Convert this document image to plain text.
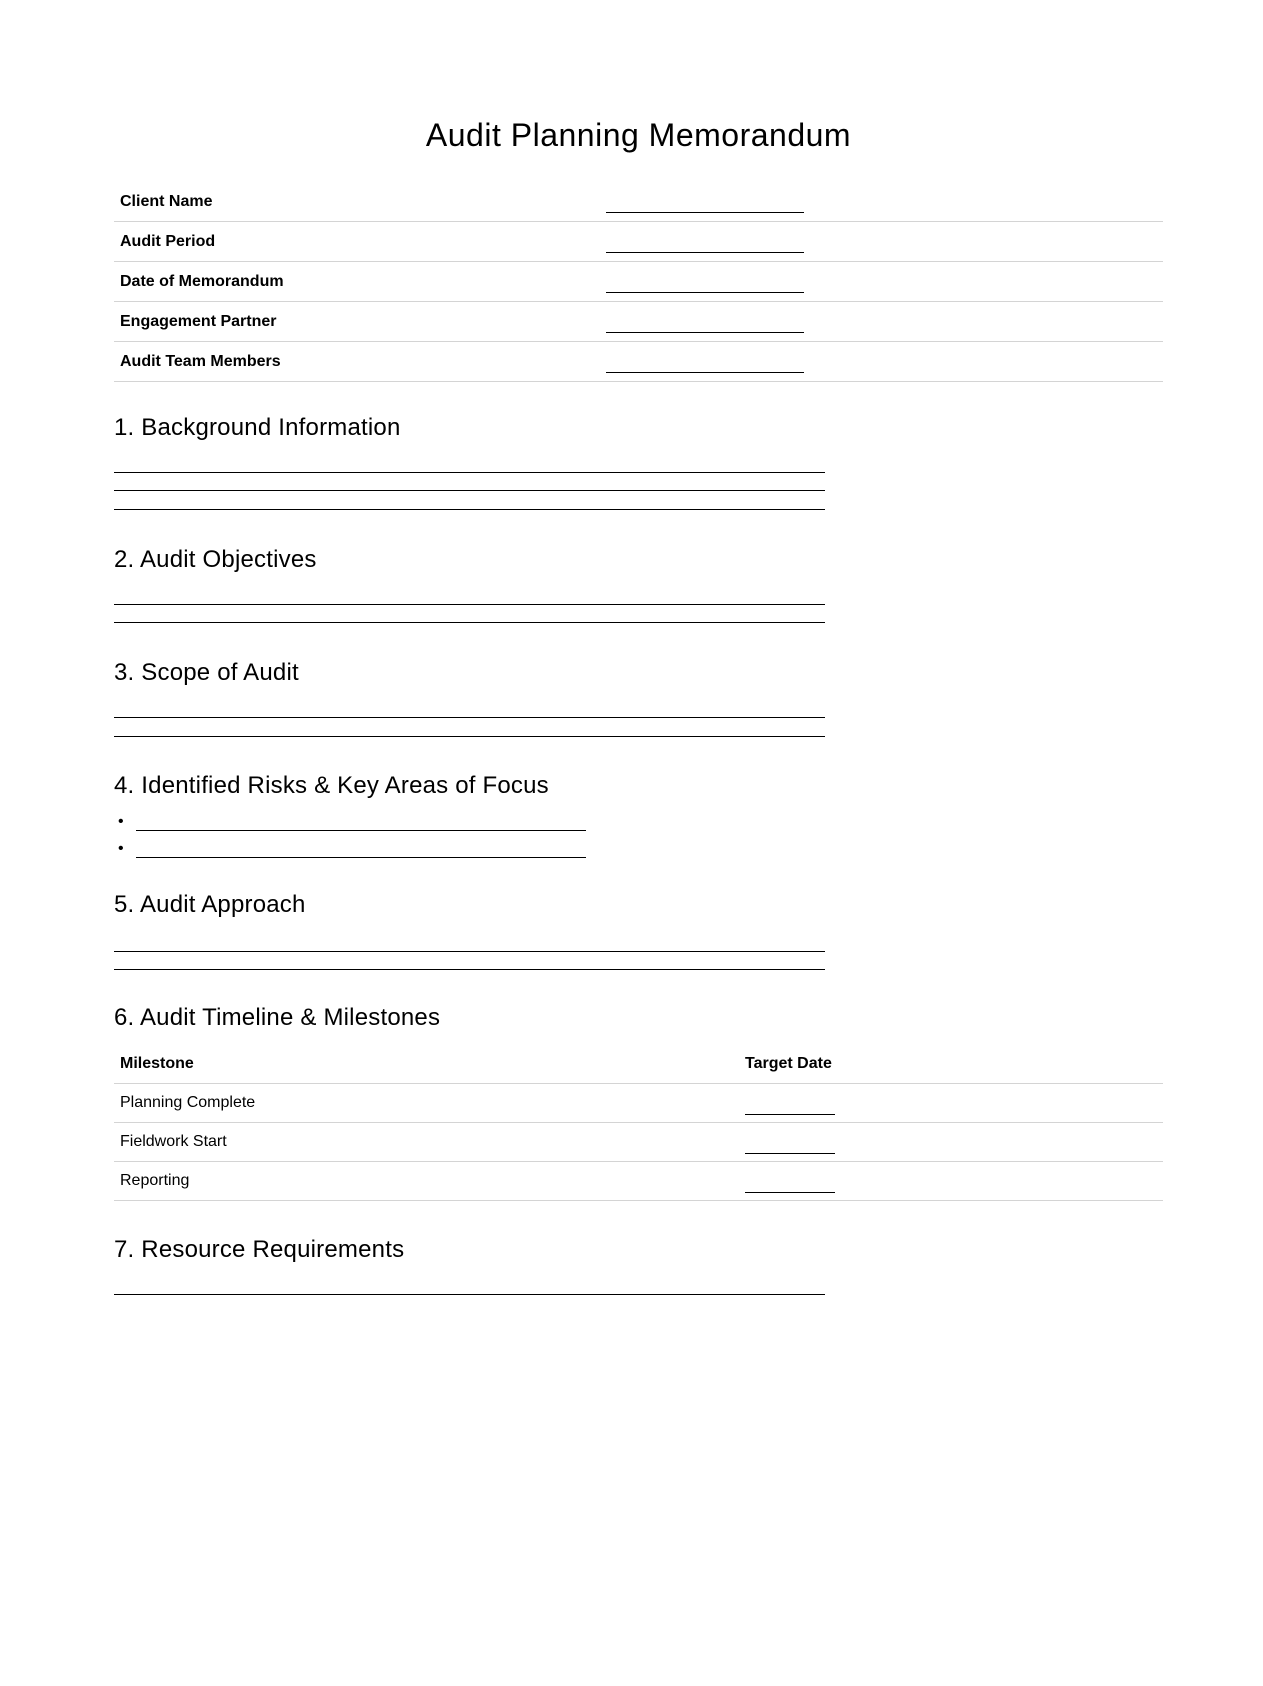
Audit Planning Memorandum
Client Name	
Audit Period	
Date of Memorandum	
Engagement Partner	
Audit Team Members	
1. Background Information
2. Audit Objectives
3. Scope of Audit
4. Identified Risks & Key Areas of Focus
•
•
5. Audit Approach
6. Audit Timeline & Milestones
Milestone	Target Date
Planning Complete	
Fieldwork Start	
Reporting	
7. Resource Requirements
